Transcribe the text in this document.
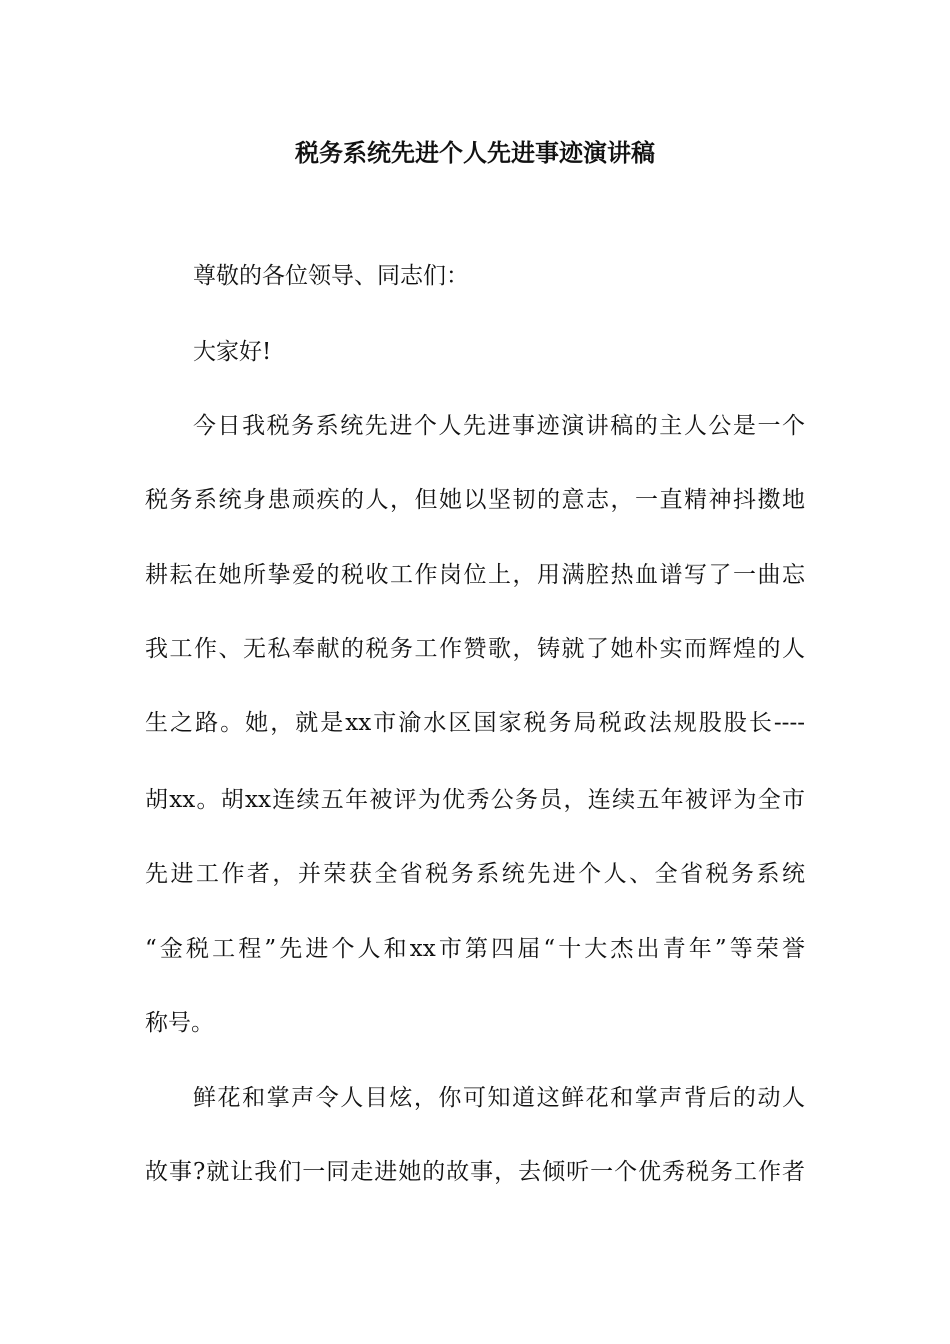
税务系统先进个人先进事迹演讲稿
尊敬的各位领导、同志们：
大家好!
今日我税务系统先进个人先进事迹演讲稿的主人公是一个
税务系统身患顽疾的人，但她以坚韧的意志，一直精神抖擞地
耕耘在她所挚爱的税收工作岗位上，用满腔热血谱写了一曲忘
我工作、无私奉献的税务工作赞歌，铸就了她朴实而辉煌的人
生之路。她，就是xx市渝水区国家税务局税政法规股股长----
胡xx。胡xx连续五年被评为优秀公务员，连续五年被评为全市
先进工作者，并荣获全省税务系统先进个人、全省税务系统
“金税工程”先进个人和xx市第四届“十大杰出青年”等荣誉
称号。
鲜花和掌声令人目炫，你可知道这鲜花和掌声背后的动人
故事?就让我们一同走进她的故事，去倾听一个优秀税务工作者
